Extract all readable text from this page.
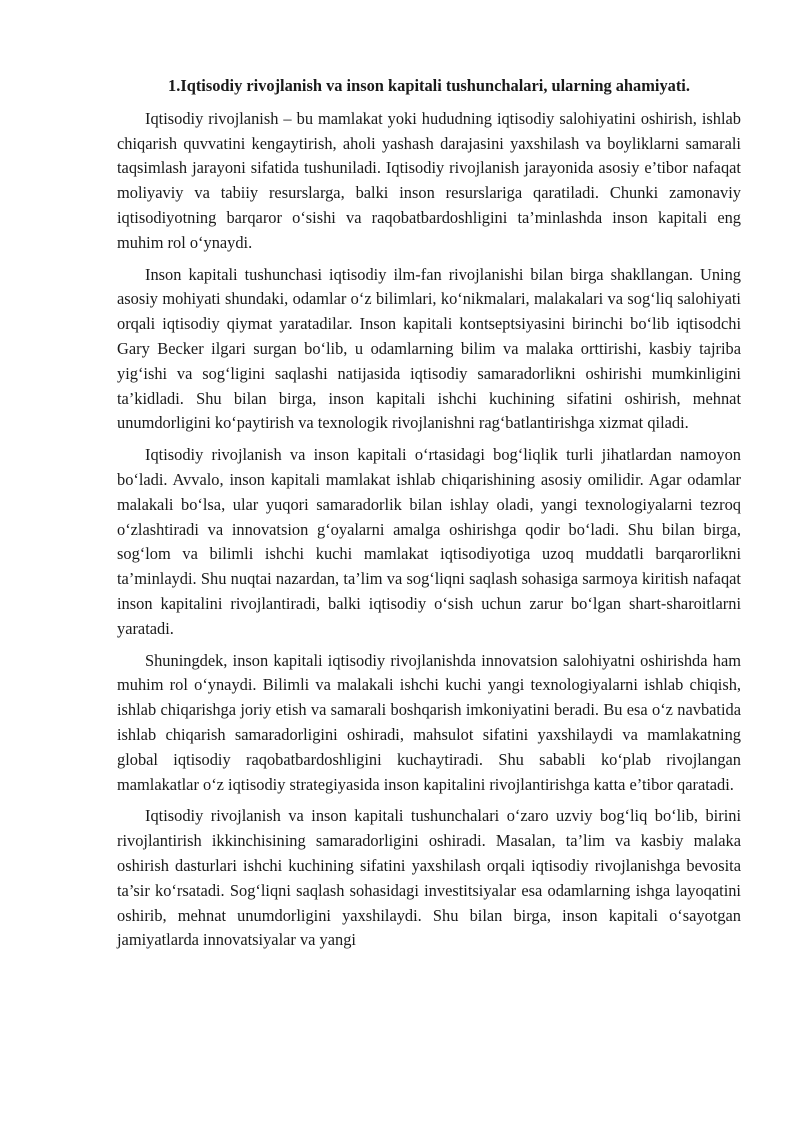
1.Iqtisodiy rivojlanish va inson kapitali tushunchalari, ularning ahamiyati.

Iqtisodiy rivojlanish – bu mamlakat yoki hududning iqtisodiy salohiyatini oshirish, ishlab chiqarish quvvatini kengaytirish, aholi yashash darajasini yaxshilash va boyliklarni samarali taqsimlash jarayoni sifatida tushuniladi. Iqtisodiy rivojlanish jarayonida asosiy e’tibor nafaqat moliyaviy va tabiiy resurslarga, balki inson resurslariga qaratiladi. Chunki zamonaviy iqtisodiyotning barqaror o‘sishi va raqobatbardoshligini ta’minlashda inson kapitali eng muhim rol o‘ynaydi.

Inson kapitali tushunchasi iqtisodiy ilm-fan rivojlanishi bilan birga shakllangan. Uning asosiy mohiyati shundaki, odamlar o‘z bilimlari, ko‘nikmalari, malakalari va sog‘liq salohiyati orqali iqtisodiy qiymat yaratadilar. Inson kapitali kontseptsiyasini birinchi bo‘lib iqtisodchi Gary Becker ilgari surgan bo‘lib, u odamlarning bilim va malaka orttirishi, kasbiy tajriba yig‘ishi va sog‘ligini saqlashi natijasida iqtisodiy samaradorlikni oshirishi mumkinligini ta’kidladi. Shu bilan birga, inson kapitali ishchi kuchining sifatini oshirish, mehnat unumdorligini ko‘paytirish va texnologik rivojlanishni rag‘batlantirishga xizmat qiladi.

Iqtisodiy rivojlanish va inson kapitali o‘rtasidagi bog‘liqlik turli jihatlardan namoyon bo‘ladi. Avvalo, inson kapitali mamlakat ishlab chiqarishining asosiy omilidir. Agar odamlar malakali bo‘lsa, ular yuqori samaradorlik bilan ishlay oladi, yangi texnologiyalarni tezroq o‘zlashtiradi va innovatsion g‘oyalarni amalga oshirishga qodir bo‘ladi. Shu bilan birga, sog‘lom va bilimli ishchi kuchi mamlakat iqtisodiyotiga uzoq muddatli barqarorlikni ta’minlaydi. Shu nuqtai nazardan, ta’lim va sog‘liqni saqlash sohasiga sarmoya kiritish nafaqat inson kapitalini rivojlantiradi, balki iqtisodiy o‘sish uchun zarur bo‘lgan shart-sharoitlarni yaratadi.

Shuningdek, inson kapitali iqtisodiy rivojlanishda innovatsion salohiyatni oshirishda ham muhim rol o‘ynaydi. Bilimli va malakali ishchi kuchi yangi texnologiyalarni ishlab chiqish, ishlab chiqarishga joriy etish va samarali boshqarish imkoniyatini beradi. Bu esa o‘z navbatida ishlab chiqarish samaradorligini oshiradi, mahsulot sifatini yaxshilaydi va mamlakatning global iqtisodiy raqobatbardoshligini kuchaytiradi. Shu sababli ko‘plab rivojlangan mamlakatlar o‘z iqtisodiy strategiyasida inson kapitalini rivojlantirishga katta e’tibor qaratadi.

Iqtisodiy rivojlanish va inson kapitali tushunchalari o‘zaro uzviy bog‘liq bo‘lib, birini rivojlantirish ikkinchisining samaradorligini oshiradi. Masalan, ta’lim va kasbiy malaka oshirish dasturlari ishchi kuchining sifatini yaxshilash orqali iqtisodiy rivojlanishga bevosita ta’sir ko‘rsatadi. Sog‘liqni saqlash sohasidagi investitsiyalar esa odamlarning ishga layoqatini oshirib, mehnat unumdorligini yaxshilaydi. Shu bilan birga, inson kapitali o‘sayotgan jamiyatlarda innovatsiyalar va yangi
